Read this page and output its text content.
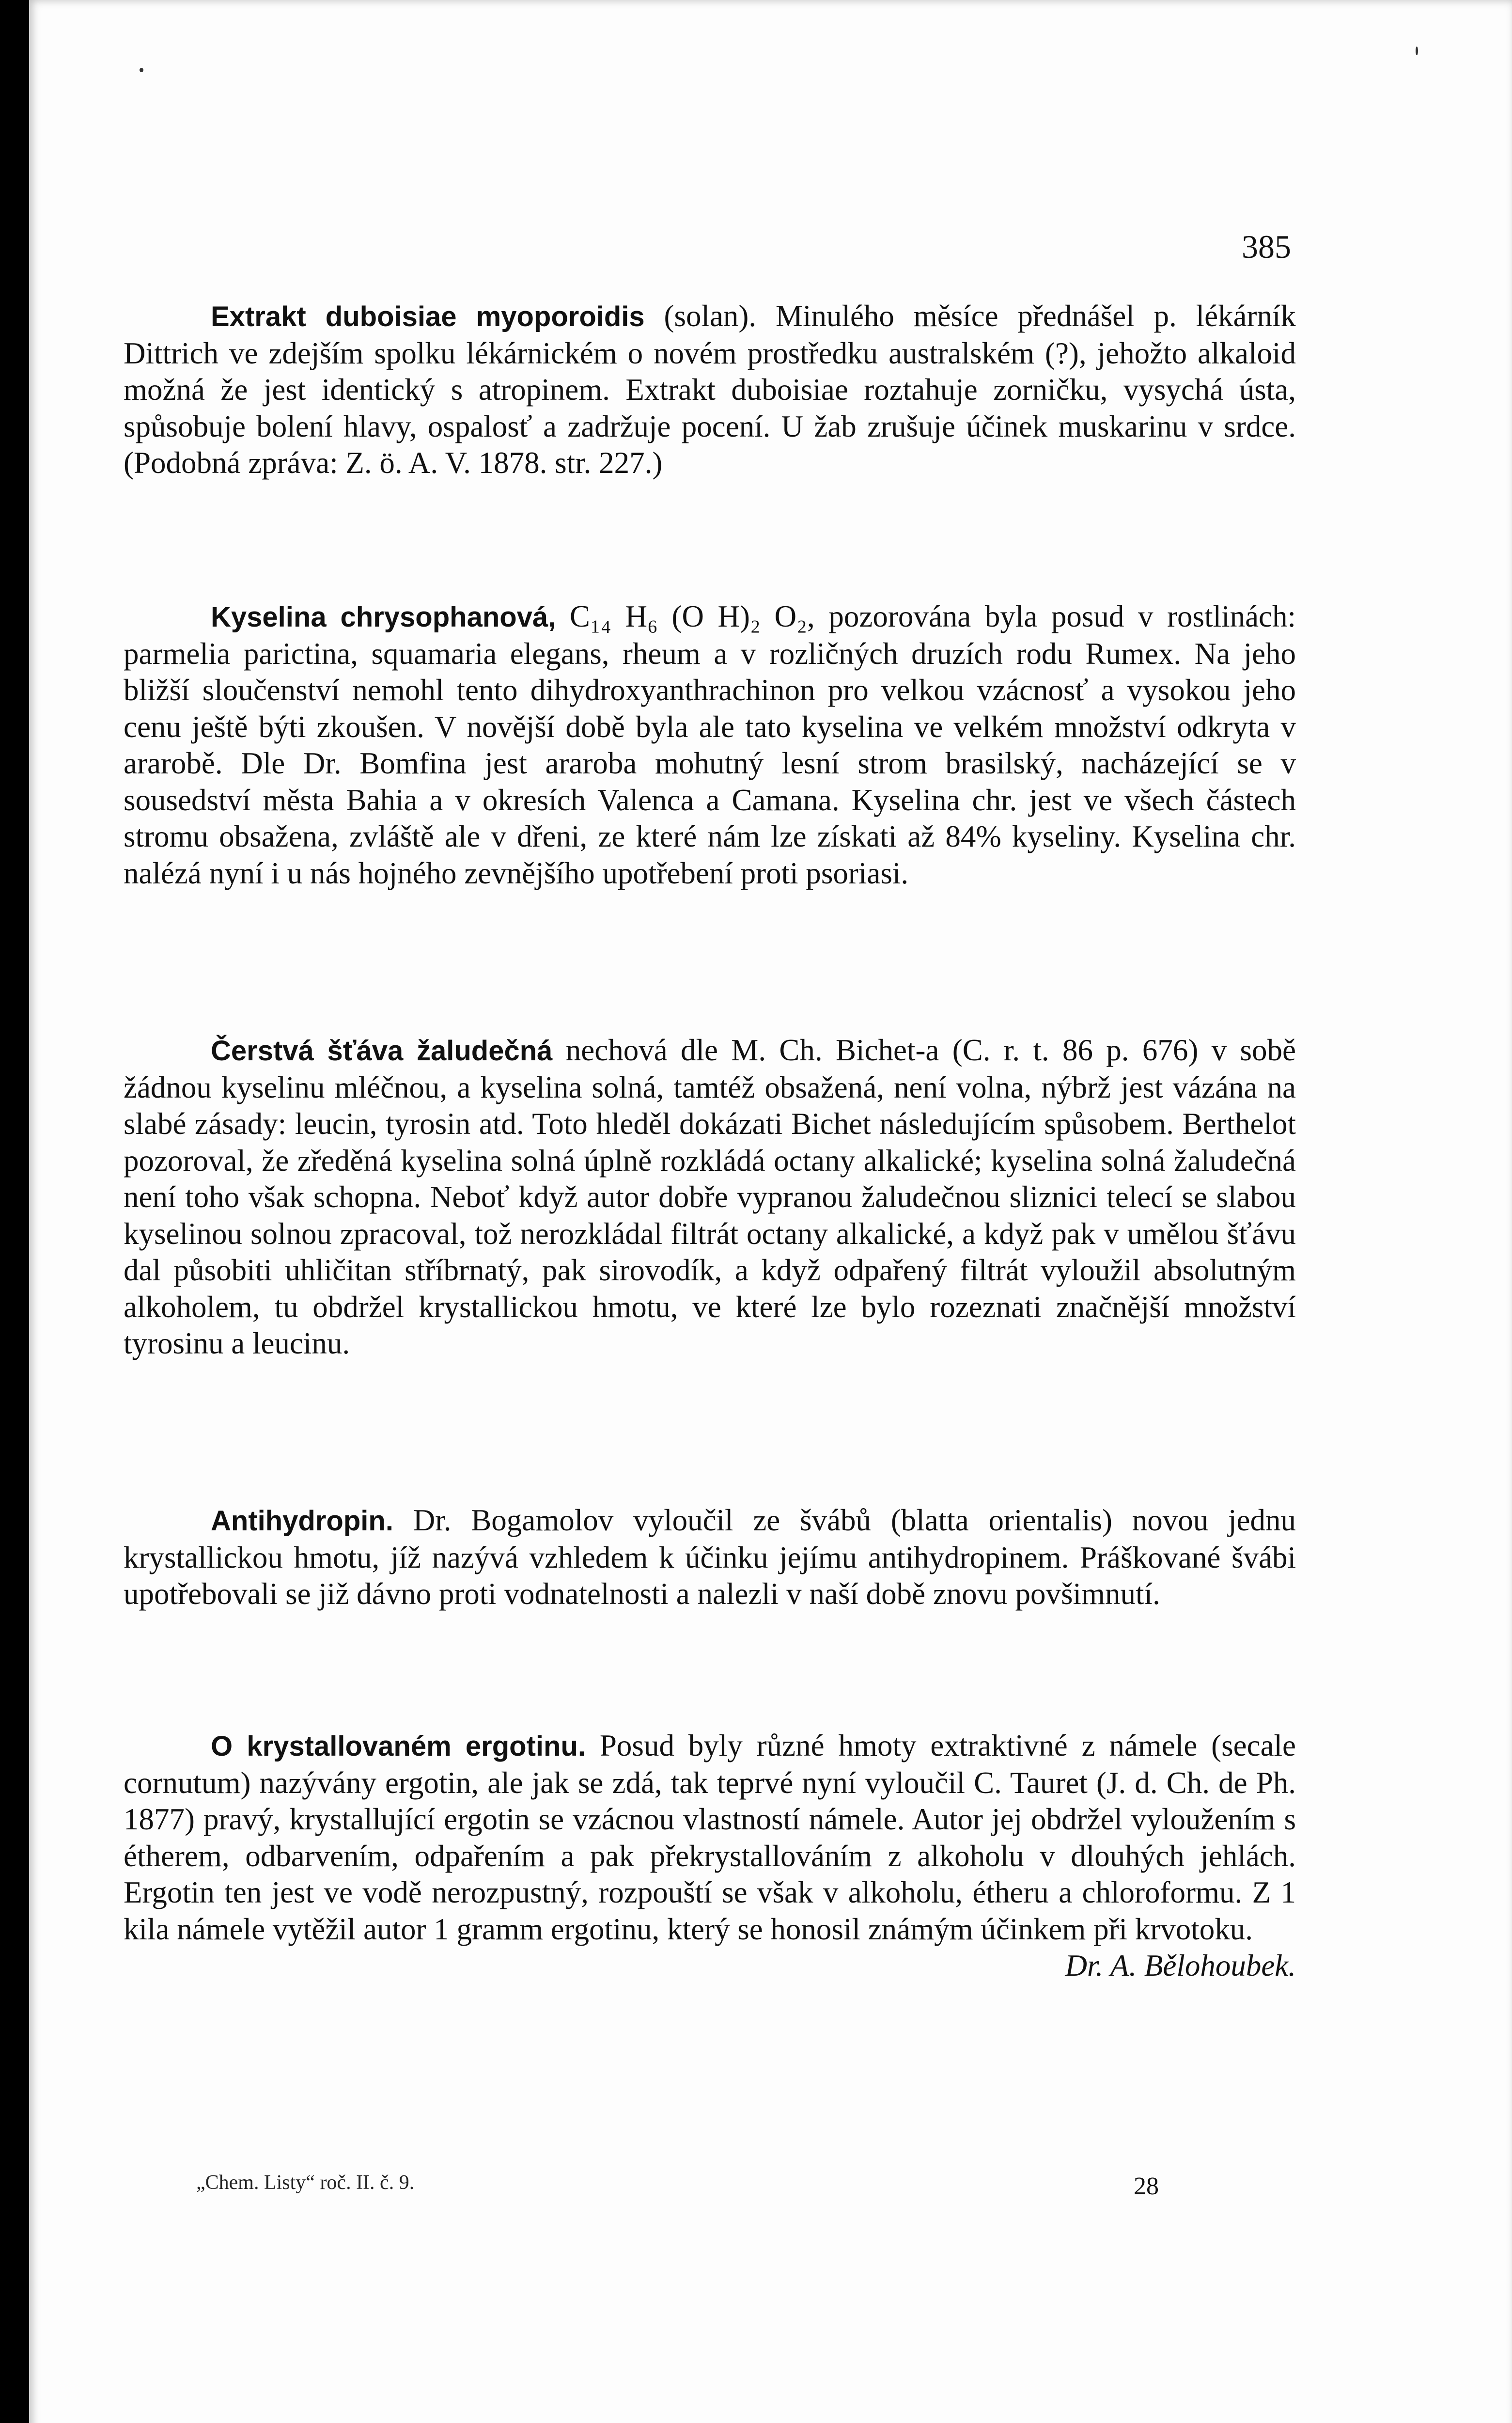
385

Extrakt duboisiae myoporoidis (solan). Minulého měsíce přednášel p. lékárník Dittrich ve zdejším spolku lékárnickém o novém prostředku australském (?), jehožto alkaloid možná že jest identický s atropinem. Extrakt duboisiae roztahuje zorničku, vysychá ústa, spůsobuje bolení hlavy, ospalosť a zadržuje pocení. U žab zrušuje účinek muskarinu v srdce. (Podobná zpráva: Z. ö. A. V. 1878. str. 227.)

Kyselina chrysophanová, C₁₄ H₆ (O H)₂ O₂, pozorována byla posud v rostlinách: parmelia parictina, squamaria elegans, rheum a v rozličných druzích rodu Rumex. Na jeho bližší sloučenství nemohl tento dihydroxyanthrachinon pro velkou vzácnosť a vysokou jeho cenu ještě býti zkoušen. V novější době byla ale tato kyselina ve velkém množství odkryta v ararobě. Dle Dr. Bomfina jest araroba mohutný lesní strom brasilský, nacházející se v sousedství města Bahia a v okresích Valenca a Camana. Kyselina chr. jest ve všech částech stromu obsažena, zvláště ale v dřeni, ze které nám lze získati až 84% kyseliny. Kyselina chr. nalézá nyní i u nás hojného zevnějšího upotřebení proti psoriasi.

Čerstvá šťáva žaludečná nechová dle M. Ch. Bichet-a (C. r. t. 86 p. 676) v sobě žádnou kyselinu mléčnou, a kyselina solná, tamtéž obsažená, není volna, nýbrž jest vázána na slabé zásady: leucin, tyrosin atd. Toto hleděl dokázati Bichet následujícím spůsobem. Berthelot pozoroval, že zředěná kyselina solná úplně rozkládá octany alkalické; kyselina solná žaludečná není toho však schopna. Neboť když autor dobře vypranou žaludečnou sliznici telecí se slabou kyselinou solnou zpracoval, tož nerozkládal filtrát octany alkalické, a když pak v umělou šťávu dal působiti uhličitan stříbrnatý, pak sirovodík, a když odpařený filtrát vyloužil absolutným alkoholem, tu obdržel krystallickou hmotu, ve které lze bylo rozeznati značnější množství tyrosinu a leucinu.

Antihydropin. Dr. Bogamolov vyloučil ze švábů (blatta orientalis) novou jednu krystallickou hmotu, jíž nazývá vzhledem k účinku jejímu antihydropinem. Práškované švábi upotřebovali se již dávno proti vodnatelnosti a nalezli v naší době znovu povšimnutí.

O krystallovaném ergotinu. Posud byly různé hmoty extraktivné z námele (secale cornutum) nazývány ergotin, ale jak se zdá, tak teprvé nyní vyloučil C. Tauret (J. d. Ch. de Ph. 1877) pravý, krystallující ergotin se vzácnou vlastností námele. Autor jej obdržel vyloužením s étherem, odbarvením, odpařením a pak překrystallováním z alkoholu v dlouhých jehlách. Ergotin ten jest ve vodě nerozpustný, rozpouští se však v alkoholu, étheru a chloroformu. Z 1 kila námele vytěžil autor 1 gramm ergotinu, který se honosil známým účinkem při krvotoku.
Dr. A. Bělohoubek.

„Chem. Listy“ roč. II. č. 9.	28
